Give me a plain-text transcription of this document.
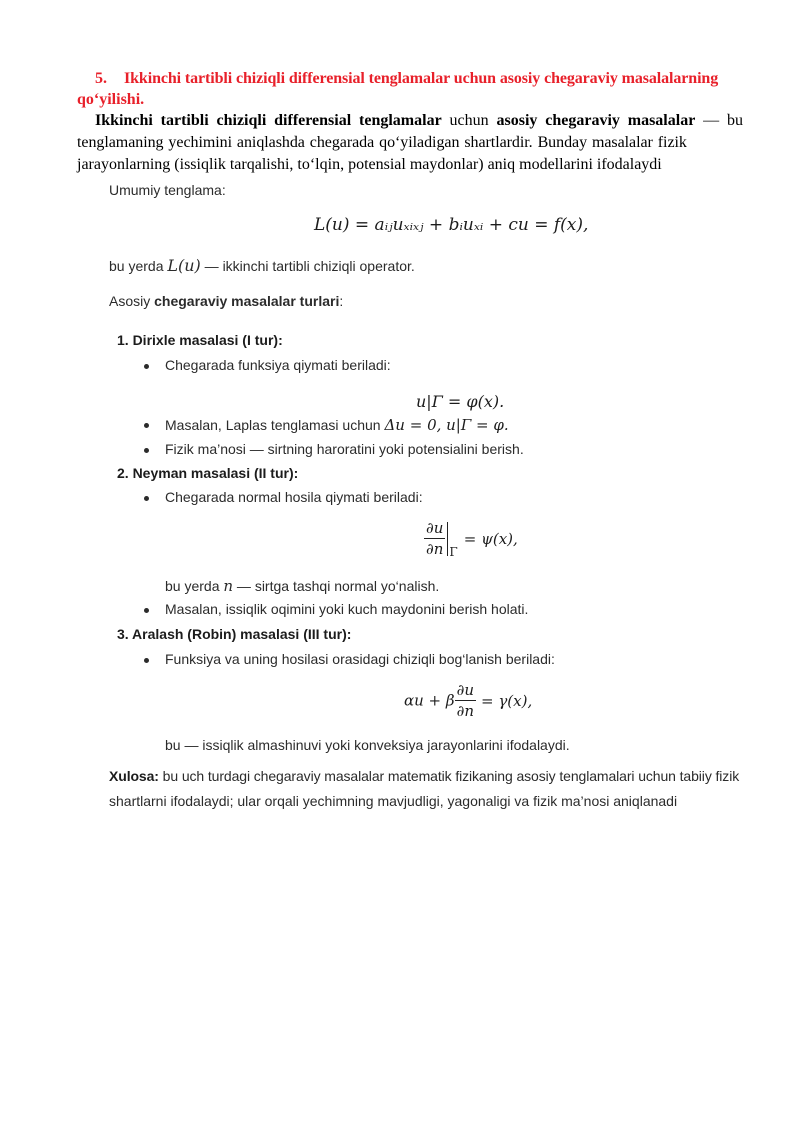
5. Ikkinchi tartibli chiziqli differensial tenglamalar uchun asosiy chegaraviy masalalarning
qo‘yilishi.
Ikkinchi tartibli chiziqli differensial tenglamalar uchun asosiy chegaraviy masalalar — bu
tenglamaning yechimini aniqlashda chegarada qo‘yiladigan shartlardir. Bunday masalalar fizik
jarayonlarning (issiqlik tarqalishi, to‘lqin, potensial maydonlar) aniq modellarini ifodalaydi
Umumiy tenglama:
L(u) = aᵢⱼuₓᵢₓⱼ + bᵢuₓᵢ + cu = f(x),
bu yerda L(u) — ikkinchi tartibli chiziqli operator.
Asosiy chegaraviy masalalar turlari:
1. Dirixle masalasi (I tur):
Chegarada funksiya qiymati beriladi:
u|Γ = φ(x).
Masalan, Laplas tenglamasi uchun Δu = 0, u|Γ = φ.
Fizik ma’nosi — sirtning haroratini yoki potensialini berish.
2. Neyman masalasi (II tur):
Chegarada normal hosila qiymati beriladi:
$\frac{\partial u}{\partial n} _\Gamma= \psi(x)$,
bu yerda n — sirtga tashqi normal yo‘nalish.
Masalan, issiqlik oqimini yoki kuch maydonini berish holati.
3. Aralash (Robin) masalasi (III tur):
Funksiya va uning hosilasi orasidagi chiziqli bog‘lanish beriladi:
αu + β $\frac{\partial u}{\partial n} = \gamma(x)$,
bu — issiqlik almashinuvi yoki konveksiya jarayonlarini ifodalaydi.
Xulosa: bu uch turdagi chegaraviy masalalar matematik fizikaning asosiy tenglamalari uchun tabiiy fizik
shartlarni ifodalaydi; ular orqali yechimning mavjudligi, yagonaligi va fizik ma’nosi aniqlanadi
